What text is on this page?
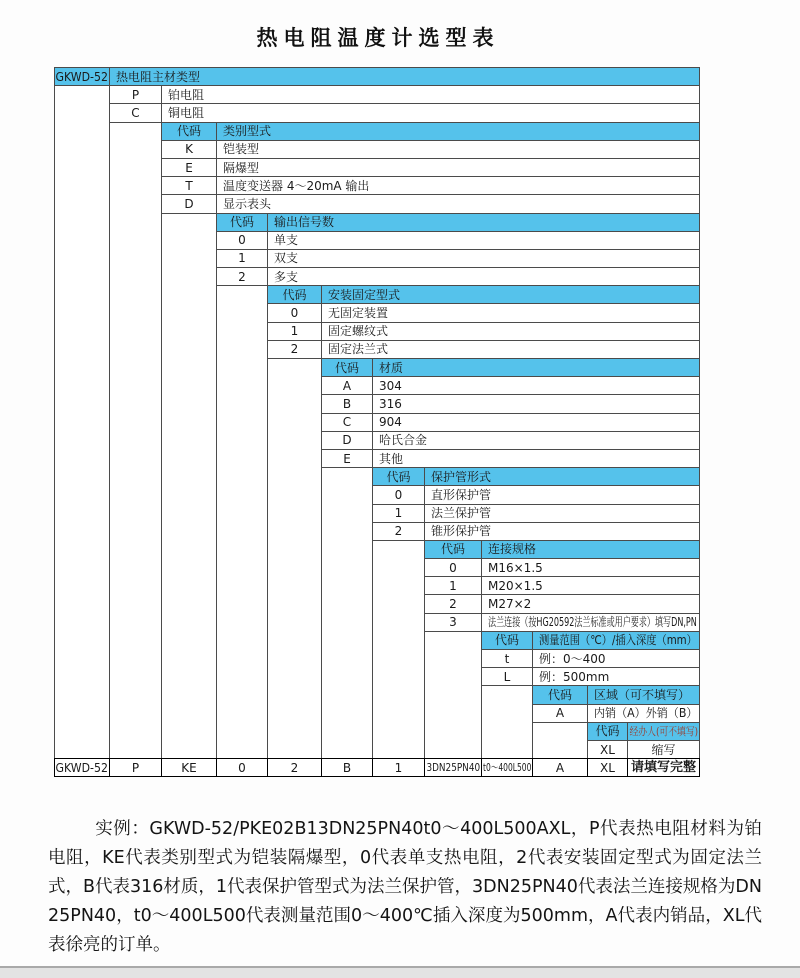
热电阻温度计选型表
GKWD-52 热电阻主材类型
P 铂电阻
C 铜电阻
代码 类别型式
K	铠装型
E	隔爆型
T	温度变送器 4～20mA 输出
D 显示表头
代码 输出信号数
0 单支
1 双支
2 多支
代码 安装固定型式
0 无固定装置
1 固定螺纹式
2 固定法兰式
代码 材质
A 304
B 316
C 904
D 哈氏合金
E 其他
代码 保护管形式
0 直形保护管
1 法兰保护管
2 锥形保护管
代码 连接规格
0	M16×1.5
1	M20×1.5
2	M27×2
3	法兰连接（按HG20592法兰标准或用户要求）填写DN,PN
代码 测量范围（℃）/插入深度（mm）
t 例：0～400
L 例：500mm
代码 区域（可不填写）
A 内销（A）外销（B）
代码 经办人(可不填写)
XL	缩写
GKWD-52 P	KE	0	2	B	1 3DN25PN40 t0～400L500 A	XL 请填写完整

实例：GKWD-52/PKE02B13DN25PN40t0～400L500AXL，P代表热电阻材料为铂电阻，KE代表类别型式为铠装隔爆型，0代表单支热电阻，2代表安装固定型式为固定法兰式，B代表316材质，1代表保护管型式为法兰保护管，3DN25PN40代表法兰连接规格为DN25PN40，t0～400L500代表测量范围0～400℃插入深度为500mm，A代表内销品，XL代表徐亮的订单。
